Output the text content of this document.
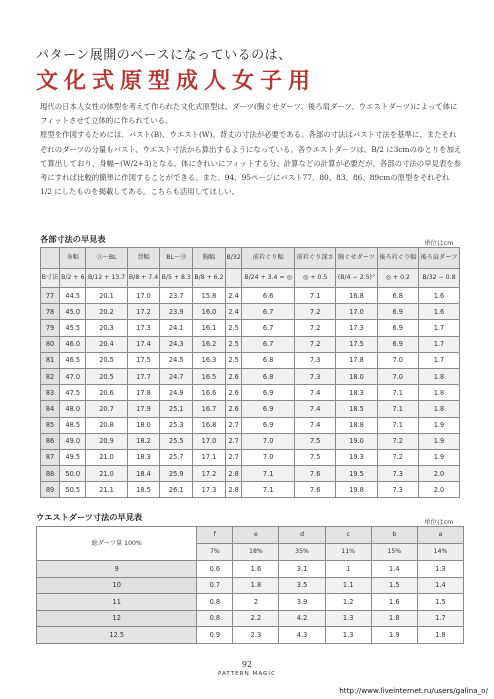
パターン展開のベースになっているのは、
文化式原型成人女子用

現代の日本人女性の体型を考えて作られた文化式原型は、ダーツ(胸ぐせダーツ、後ろ肩ダーツ、ウエストダーツ)によって体にフィットさせて立体的に作られている。

原型を作図するためには、バスト(B)、ウエスト(W)、背丈の寸法が必要である。各部の寸法はバスト寸法を基準に、またそれぞれのダーツの分量もバスト、ウエスト寸法から算出するようになっている。各ウエストダーツは、B/2 に3cmのゆとりを加えて算出しており、身幅−(W/2+3)となる。体にきれいにフィットする分、計算などの計算が必要だが、各部の寸法の早見表を参考にすれば比較的簡単に作図することができる。また、94、95ページにバスト77、80、83、86、89cmの原型をそれぞれ 1/2 にしたものを掲載してある。こちらも活用してほしい。

各部寸法の早見表	単位はcm
	身幅	Ⓐ〜BL	背幅	BL〜Ⓑ	胸幅	B/32	前衿ぐり幅	前衿ぐり深さ	胸ぐせダーツ	後ろ衿ぐり幅	後ろ肩ダーツ
B寸法	B/2 + 6	B/12 + 13.7	B/8 + 7.4	B/5 + 8.3	B/8 + 6.2		B/24 + 3.4 = ◎	◎ + 0.5	(B/4 − 2.5)°	◎ + 0.2	B/32 − 0.8
77	44.5	20.1	17.0	23.7	15.8	2.4	6.6	7.1	16.8	6.8	1.6
78	45.0	20.2	17.2	23.9	16.0	2.4	6.7	7.2	17.0	6.9	1.6
79	45.5	20.3	17.3	24.1	16.1	2.5	6.7	7.2	17.3	6.9	1.7
80	46.0	20.4	17.4	24.3	16.2	2.5	6.7	7.2	17.5	6.9	1.7
81	46.5	20.5	17.5	24.5	16.3	2.5	6.8	7.3	17.8	7.0	1.7
82	47.0	20.5	17.7	24.7	16.5	2.6	6.8	7.3	18.0	7.0	1.8
83	47.5	20.6	17.8	24.9	16.6	2.6	6.9	7.4	18.3	7.1	1.8
84	48.0	20.7	17.9	25.1	16.7	2.6	6.9	7.4	18.5	7.1	1.8
85	48.5	20.8	18.0	25.3	16.8	2.7	6.9	7.4	18.8	7.1	1.9
86	49.0	20.9	18.2	25.5	17.0	2.7	7.0	7.5	19.0	7.2	1.9
87	49.5	21.0	18.3	25.7	17.1	2.7	7.0	7.5	19.3	7.2	1.9
88	50.0	21.0	18.4	25.9	17.2	2.8	7.1	7.6	19.5	7.3	2.0
89	50.5	21.1	18.5	26.1	17.3	2.8	7.1	7.6	19.8	7.3	2.0
ウエストダーツ寸法の早見表	単位はcm
総ダーツ量 100%	f	e	d	c	b	a
	7%	18%	35%	11%	15%	14%
9	0.6	1.6	3.1	1	1.4	1.3
10	0.7	1.8	3.5	1.1	1.5	1.4
11	0.8	2	3.9	1.2	1.6	1.5
12	0.8	2.2	4.2	1.3	1.8	1.7
12.5	0.9	2.3	4.3	1.3	1.9	1.8
92
PATTERN MAGIC
http://www.liveinternet.ru/users/galina_o/
